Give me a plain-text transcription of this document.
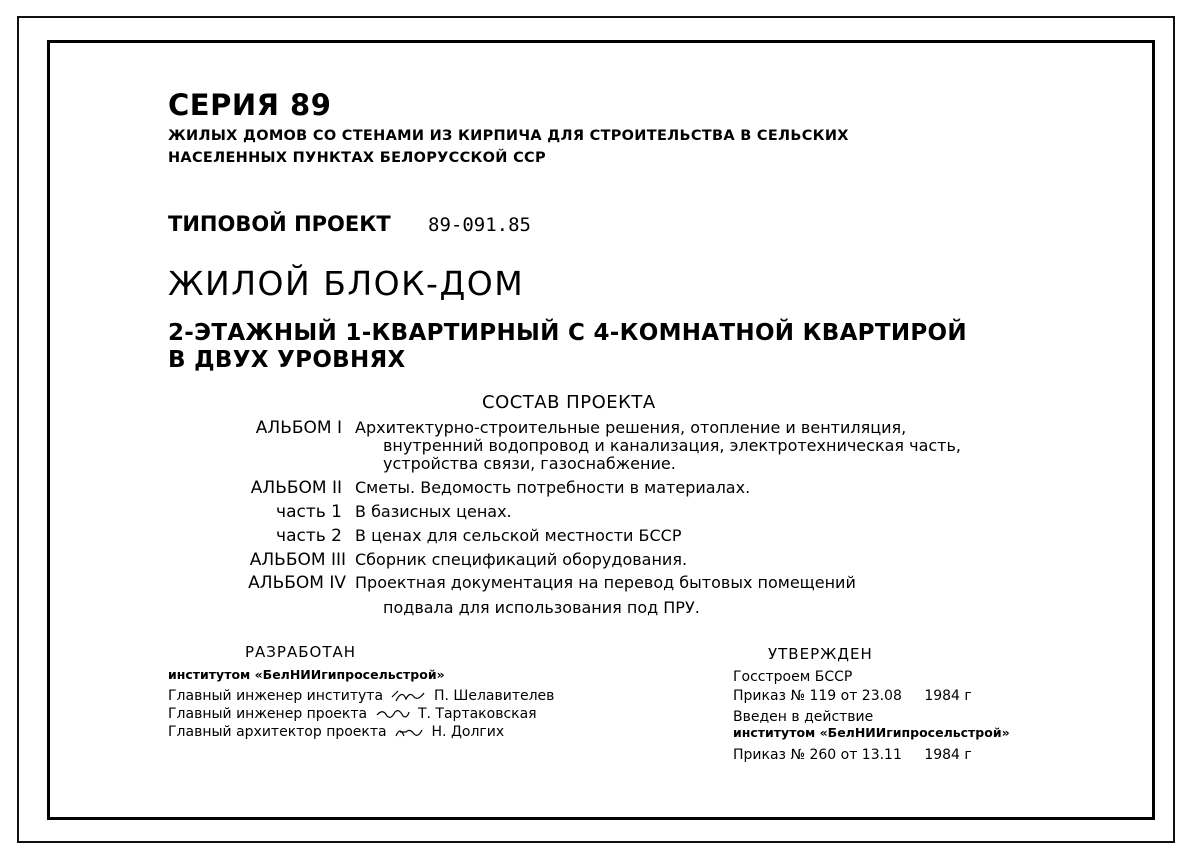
СЕРИЯ 89
ЖИЛЫХ ДОМОВ СО СТЕНАМИ ИЗ КИРПИЧА ДЛЯ СТРОИТЕЛЬСТВА В СЕЛЬСКИХ
НАСЕЛЕННЫХ ПУНКТАХ БЕЛОРУССКОЙ ССР
ТИПОВОЙ ПРОЕКТ 89-091.85
ЖИЛОЙ БЛОК-ДОМ
2-ЭТАЖНЫЙ 1-КВАРТИРНЫЙ С 4-КОМНАТНОЙ КВАРТИРОЙ
В ДВУХ УРОВНЯХ
СОСТАВ ПРОЕКТА
АЛЬБОМ I Архитектурно-строительные решения, отопление и вентиляция,
внутренний водопровод и канализация, электротехническая часть,
устройства связи, газоснабжение.
АЛЬБОМ II Сметы. Ведомость потребности в материалах.
часть 1 В базисных ценах.
часть 2 В ценах для сельской местности БССР
АЛЬБОМ III Сборник спецификаций оборудования.
АЛЬБОМ IV Проектная документация на перевод бытовых помещений
подвала для использования под ПРУ.
РАЗРАБОТАН
институтом «БелНИИгипросельстрой»
Главный инженер института	П. Шелавителев
Главный инженер проекта	Т. Тартаковская
Главный архитектор проекта	Н. Долгих
УТВЕРЖДЕН
Госстроем БССР
Приказ № 119 от 23.08 1984 г
Введен в действие
институтом «БелНИИгипросельстрой»
Приказ № 260 от 13.11 1984 г
